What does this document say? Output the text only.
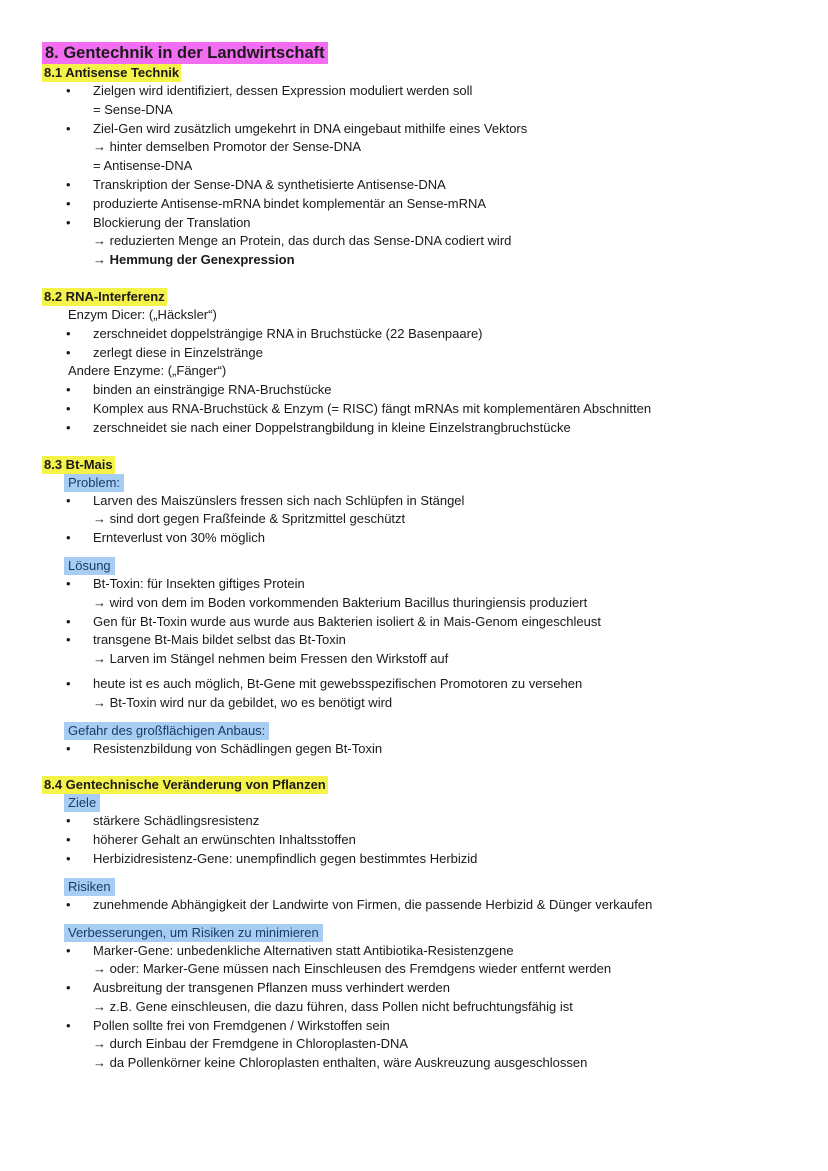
8. Gentechnik in der Landwirtschaft
8.1 Antisense Technik
• Zielgen wird identifiziert, dessen Expression moduliert werden soll
= Sense-DNA
• Ziel-Gen wird zusätzlich umgekehrt in DNA eingebaut mithilfe eines Vektors
→ hinter demselben Promotor der Sense-DNA
= Antisense-DNA
• Transkription der Sense-DNA & synthetisierte Antisense-DNA
• produzierte Antisense-mRNA bindet komplementär an Sense-mRNA
• Blockierung der Translation
→ reduzierten Menge an Protein, das durch das Sense-DNA codiert wird
→ Hemmung der Genexpression
8.2 RNA-Interferenz
Enzym Dicer: („Häcksler“)
• zerschneidet doppelsträngige RNA in Bruchstücke (22 Basenpaare)
• zerlegt diese in Einzelstränge
Andere Enzyme: („Fänger“)
• binden an einsträngige RNA-Bruchstücke
• Komplex aus RNA-Bruchstück & Enzym (= RISC) fängt mRNAs mit komplementären Abschnitten
• zerschneidet sie nach einer Doppelstrangbildung in kleine Einzelstrangbruchstücke
8.3 Bt-Mais
Problem:
• Larven des Maiszünslers fressen sich nach Schlüpfen in Stängel
→ sind dort gegen Fraßfeinde & Spritzmittel geschützt
• Ernteverlust von 30% möglich
Lösung
• Bt-Toxin: für Insekten giftiges Protein
→ wird von dem im Boden vorkommenden Bakterium Bacillus thuringiensis produziert
• Gen für Bt-Toxin wurde aus wurde aus Bakterien isoliert & in Mais-Genom eingeschleust
• transgene Bt-Mais bildet selbst das Bt-Toxin
→ Larven im Stängel nehmen beim Fressen den Wirkstoff auf
• heute ist es auch möglich, Bt-Gene mit gewebsspezifischen Promotoren zu versehen
→ Bt-Toxin wird nur da gebildet, wo es benötigt wird
Gefahr des großflächigen Anbaus:
• Resistenzbildung von Schädlingen gegen Bt-Toxin
8.4 Gentechnische Veränderung von Pflanzen
Ziele
• stärkere Schädlingsresistenz
• höherer Gehalt an erwünschten Inhaltsstoffen
• Herbizidresistenz-Gene: unempfindlich gegen bestimmtes Herbizid
Risiken
• zunehmende Abhängigkeit der Landwirte von Firmen, die passende Herbizid & Dünger verkaufen
Verbesserungen, um Risiken zu minimieren
• Marker-Gene: unbedenkliche Alternativen statt Antibiotika-Resistenzgene
→ oder: Marker-Gene müssen nach Einschleusen des Fremdgens wieder entfernt werden
• Ausbreitung der transgenen Pflanzen muss verhindert werden
→ z.B. Gene einschleusen, die dazu führen, dass Pollen nicht befruchtungsfähig ist
• Pollen sollte frei von Fremdgenen / Wirkstoffen sein
→ durch Einbau der Fremdgene in Chloroplasten-DNA
→ da Pollenkörner keine Chloroplasten enthalten, wäre Auskreuzung ausgeschlossen
